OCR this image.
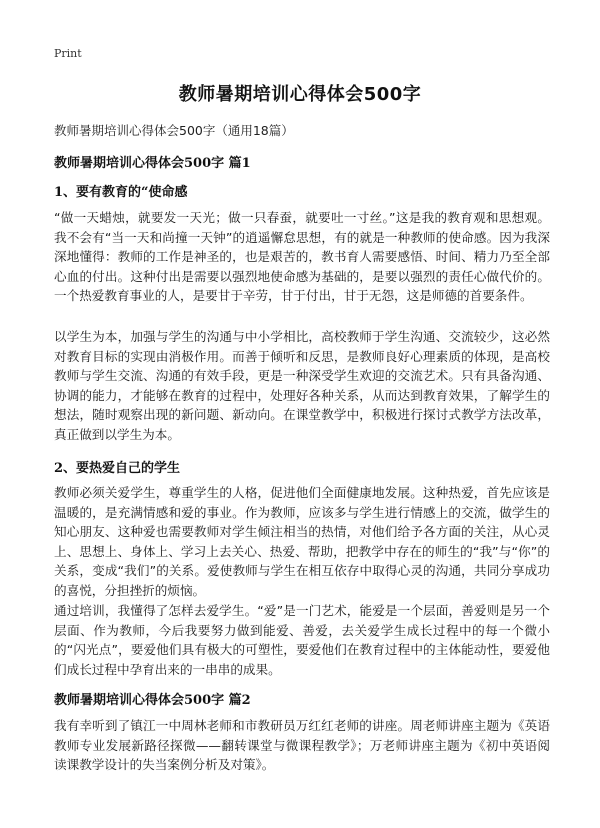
Print
教师暑期培训心得体会500字
教师暑期培训心得体会500字（通用18篇）
教师暑期培训心得体会500字 篇1
1、要有教育的“使命感
“做一天蜡烛，就要发一天光；做一只春蚕，就要吐一寸丝。”这是我的教育观和思想观。我不会有“当一天和尚撞一天钟”的逍遥懈怠思想，有的就是一种教师的使命感。因为我深深地懂得：教师的工作是神圣的，也是艰苦的，教书育人需要感悟、时间、精力乃至全部心血的付出。这种付出是需要以强烈地使命感为基础的，是要以强烈的责任心做代价的。一个热爱教育事业的人，是要甘于辛劳，甘于付出，甘于无怨，这是师德的首要条件。
以学生为本，加强与学生的沟通与中小学相比，高校教师于学生沟通、交流较少，这必然对教育目标的实现由消极作用。而善于倾听和反思，是教师良好心理素质的体现，是高校教师与学生交流、沟通的有效手段，更是一种深受学生欢迎的交流艺术。只有具备沟通、协调的能力，才能够在教育的过程中，处理好各种关系，从而达到教育效果，了解学生的想法，随时观察出现的新问题、新动向。在课堂教学中，积极进行探讨式教学方法改革，真正做到以学生为本。
2、要热爱自己的学生
教师必须关爱学生，尊重学生的人格，促进他们全面健康地发展。这种热爱，首先应该是温暖的，是充满情感和爱的事业。作为教师，应该多与学生进行情感上的交流，做学生的知心朋友、这种爱也需要教师对学生倾注相当的热情，对他们给予各方面的关注，从心灵上、思想上、身体上、学习上去关心、热爱、帮助，把教学中存在的师生的“我”与“你”的关系，变成“我们”的关系。爱使教师与学生在相互依存中取得心灵的沟通，共同分享成功的喜悦，分担挫折的烦恼。
通过培训，我懂得了怎样去爱学生。“爱”是一门艺术，能爱是一个层面，善爱则是另一个层面、作为教师，今后我要努力做到能爱、善爱，去关爱学生成长过程中的每一个微小的“闪光点”，要爱他们具有极大的可塑性，要爱他们在教育过程中的主体能动性，要爱他们成长过程中孕育出来的一串串的成果。
教师暑期培训心得体会500字 篇2
我有幸听到了镇江一中周林老师和市教研员万红红老师的讲座。周老师讲座主题为《英语教师专业发展新路径探微——翻转课堂与微课程教学》；万老师讲座主题为《初中英语阅读课教学设计的失当案例分析及对策》。
